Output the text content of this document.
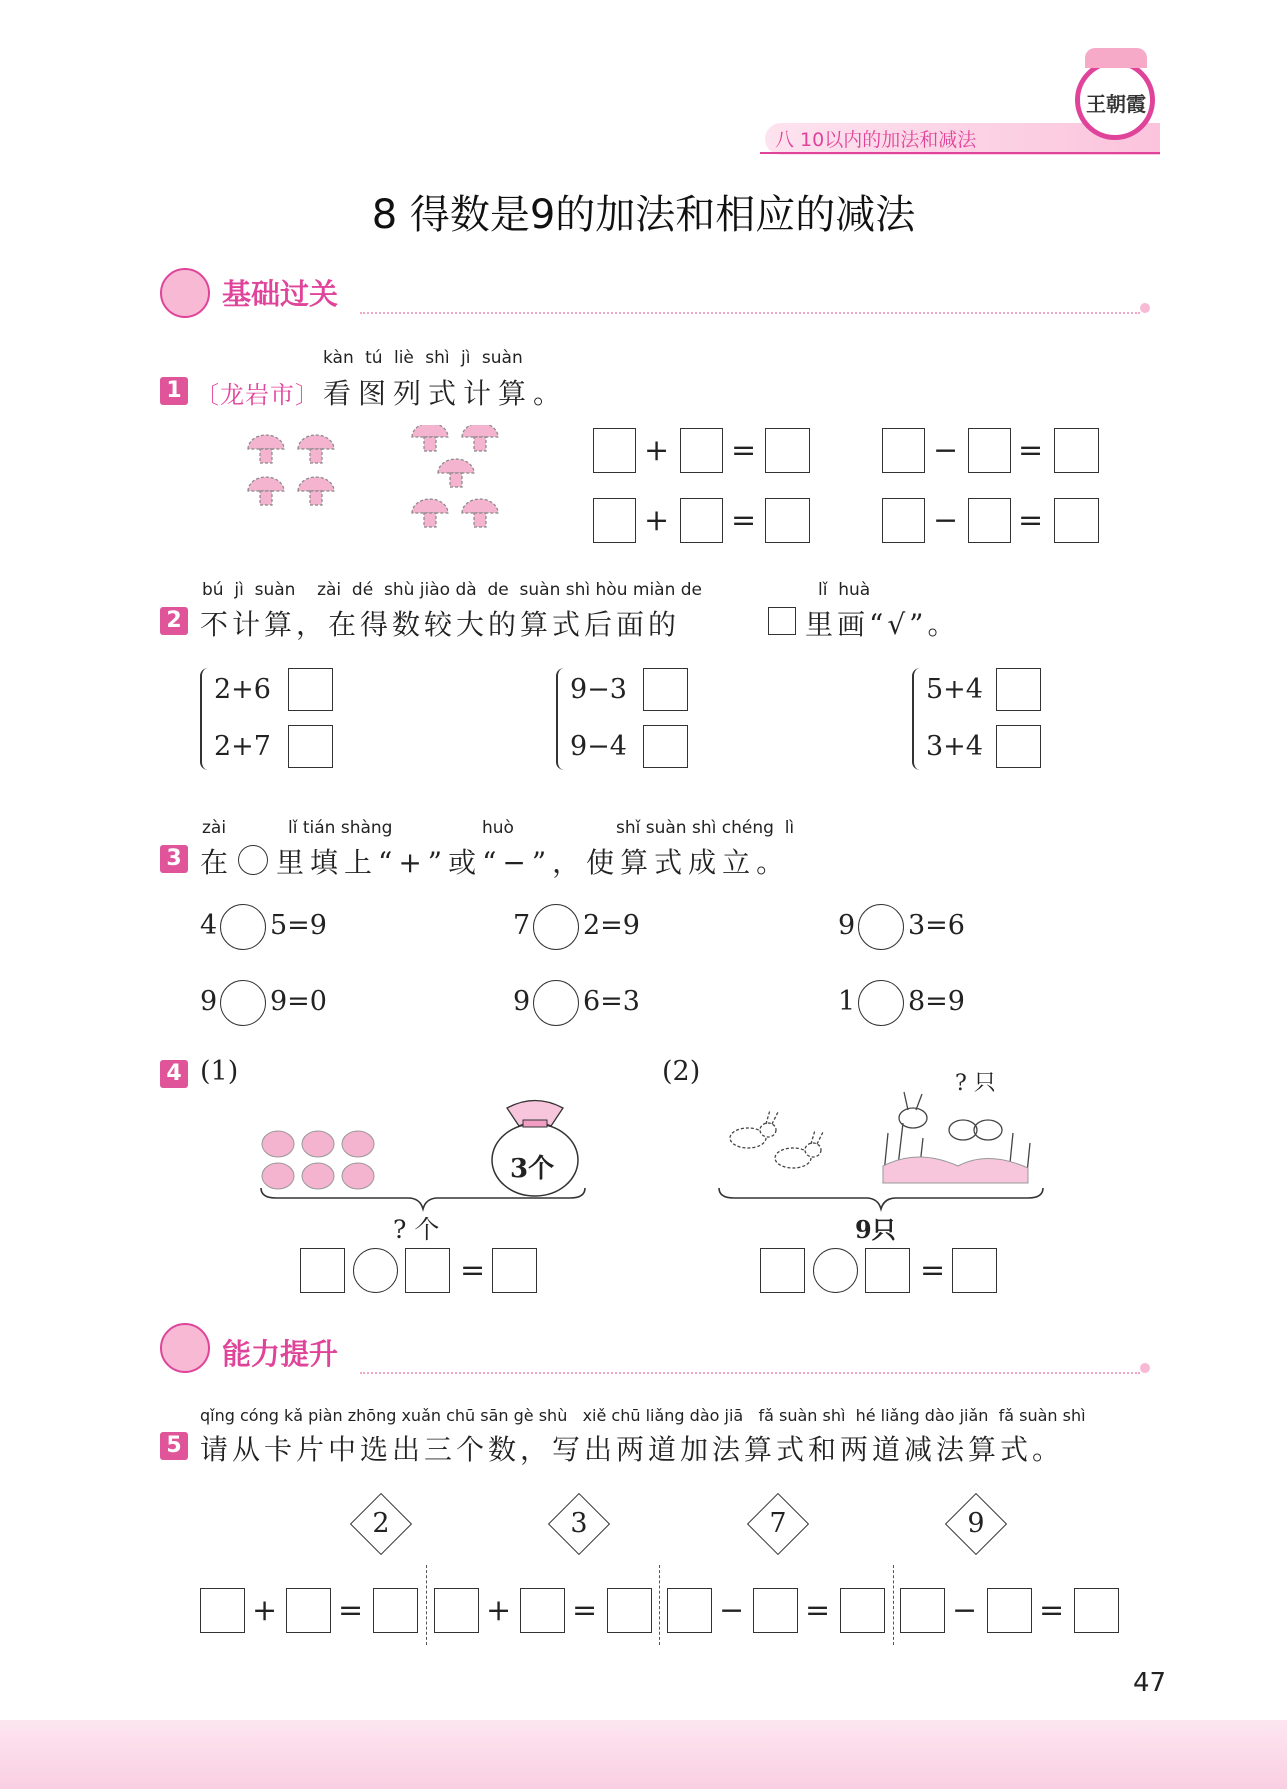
八 10以内的加法和减法
王朝霞
8 得数是9的加法和相应的减法
基础过关
kàn tú liè shì jì suàn
1 〔龙岩市〕 看图列式计算。
+ =	− =
+ =	− =
bú  jì  suàn    zài  dé  shù jiào dà  de  suàn shì hòu miàn de	lǐ  huà
2 不计算，在得数较大的算式后面的	里画“√”。
2+6
2+7
9−3
9−4
5+4
3+4
zài	lǐ tián shàng	huò	shǐ suàn shì chéng  lì
3 在 里填上“+”或“−”，使算式成立。
4 5=9	7 2=9	9 3=6
9 9=0	9 6=3	1 8=9
4 (1)	(2)
3个
? 个
=
? 只
9只
=
能力提升
qǐng cóng kǎ piàn zhōng xuǎn chū sān gè shù   xiě chū liǎng dào jiā   fǎ suàn shì  hé liǎng dào jiǎn  fǎ suàn shì
5 请从卡片中选出三个数，写出两道加法算式和两道减法算式。
2	3	7	9
+ =	+ =	− =	− =
47
